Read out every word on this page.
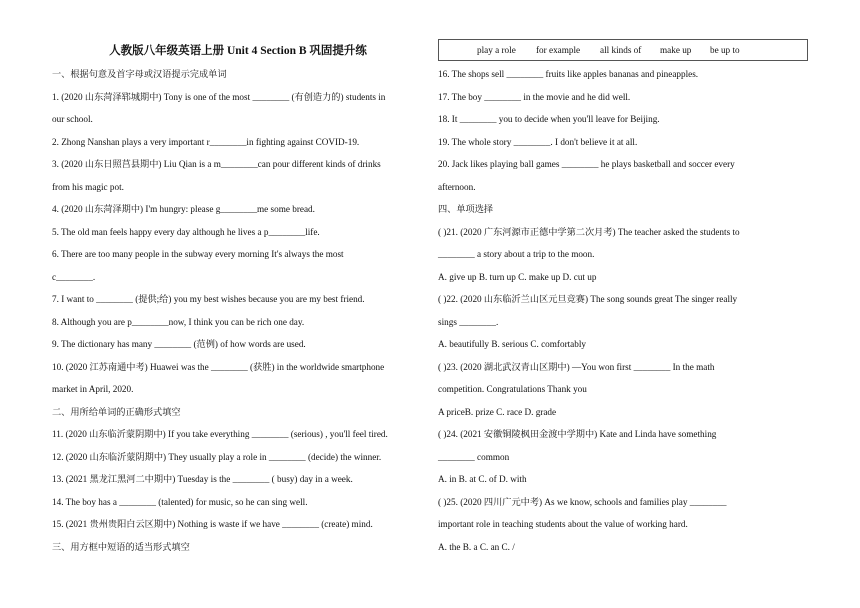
人教版八年级英语上册 Unit 4 Section B 巩固提升练	play a role for example all kinds of make up be up to
一、根据句意及首字母或汉语提示完成单词
1. (2020 山东菏泽郓城期中) Tony is one of the most ________ (有创造力的) students in
our school.
2. Zhong Nanshan plays a very important r________in fighting against COVID-19.
3. (2020 山东日照莒县期中) Liu Qian is a m________can pour different kinds of drinks
from his magic pot.
4. (2020 山东菏泽期中) I'm hungry: please g________me some bread.
5. The old man feels happy every day although he lives a p________life.
6. There are too many people in the subway every morning It's always the most
c________.
7. I want to ________ (提供;给) you my best wishes because you are my best friend.
8. Although you are p________now, I think you can be rich one day.
9. The dictionary has many ________ (范例) of how words are used.
10. (2020 江苏南通中考) Huawei was the ________ (获胜) in the worldwide smartphone
market in April, 2020.
二、用所给单词的正确形式填空
11. (2020 山东临沂蒙阴期中) If you take everything ________ (serious) , you'll feel tired.
12. (2020 山东临沂蒙阴期中) They usually play a role in ________ (decide) the winner.
13. (2021 黑龙江黑河二中期中) Tuesday is the ________ ( busy) day in a week.
14. The boy has a ________ (talented) for music, so he can sing well.
15. (2021 贵州贵阳白云区期中) Nothing is waste if we have ________ (create) mind.
三、用方框中短语的适当形式填空
16. The shops sell ________ fruits like apples bananas and pineapples.
17. The boy ________ in the movie and he did well.
18. It ________ you to decide when you'll leave for Beijing.
19. The whole story ________. I don't believe it at all.
20. Jack likes playing ball games ________ he plays basketball and soccer every
afternoon.
四、单项选择
( )21. (2020 广东河源市正德中学第二次月考) The teacher asked the students to
________ a story about a trip to the moon.
A. give up B. turn up C. make up D. cut up
( )22. (2020 山东临沂兰山区元旦竞赛) The song sounds great The singer really
sings ________.
A. beautifully B. serious C. comfortably
( )23. (2020 湖北武汉青山区期中) —You won first ________ In the math
competition. Congratulations Thank you
A priceB. prize C. race D. grade
( )24. (2021 安徽铜陵枫田金渡中学期中) Kate and Linda have something
________ common
A. in B. at C. of D. with
( )25. (2020 四川广元中考) As we know, schools and families play ________
important role in teaching students about the value of working hard.
A. the B. a C. an C. /
